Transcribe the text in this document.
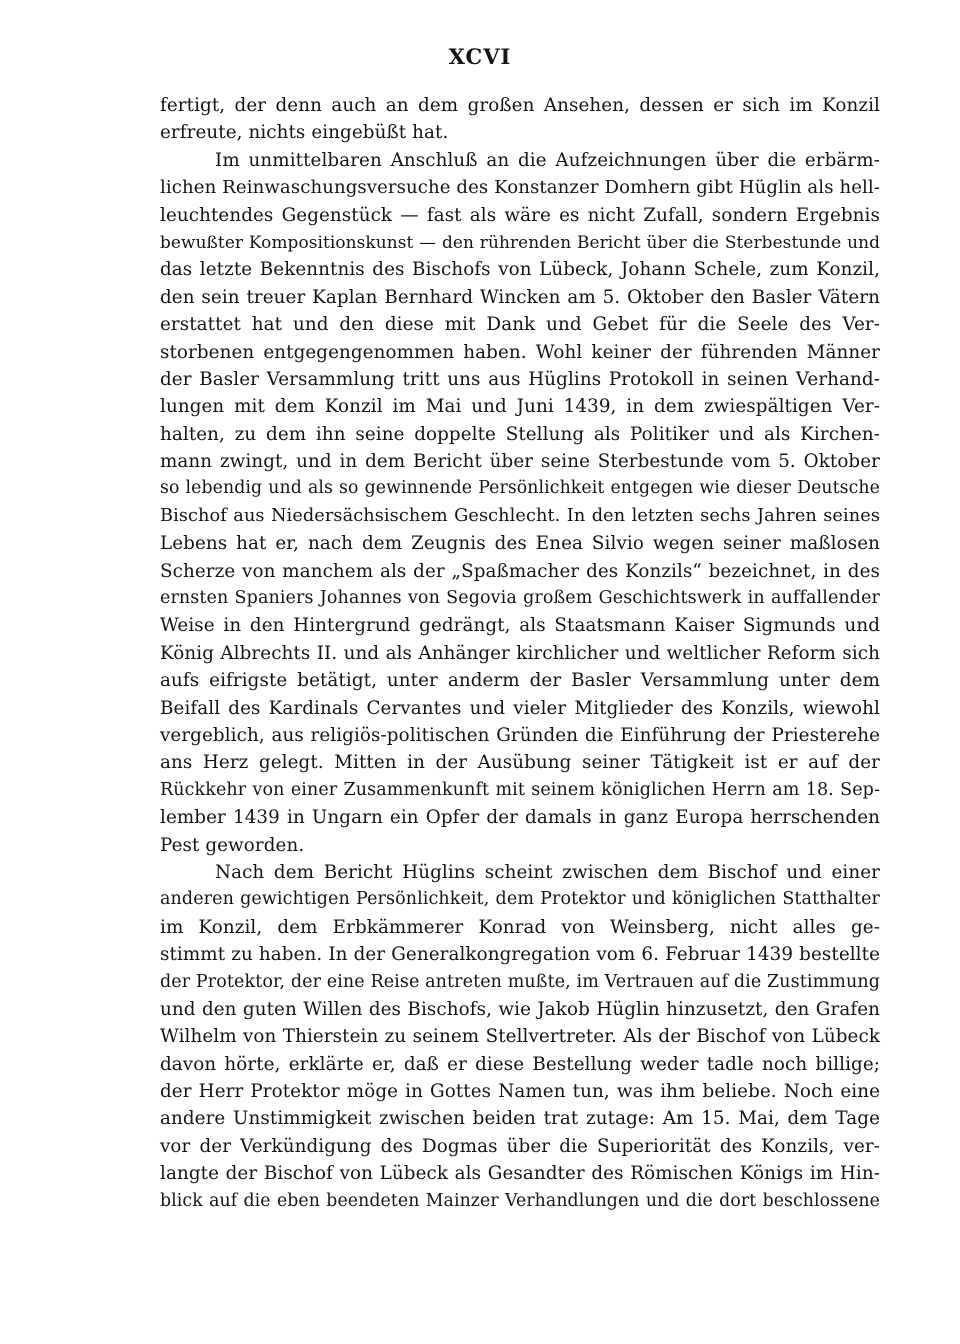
XCVI
fertigt, der denn auch an dem großen Ansehen, dessen er sich im Konzil
erfreute, nichts eingebüßt hat.
Im unmittelbaren Anschluß an die Aufzeichnungen über die erbärm-
lichen Reinwaschungsversuche des Konstanzer Domhern gibt Hüglin als hell-
leuchtendes Gegenstück — fast als wäre es nicht Zufall, sondern Ergebnis
bewußter Kompositionskunst — den rührenden Bericht über die Sterbestunde und
das letzte Bekenntnis des Bischofs von Lübeck, Johann Schele, zum Konzil,
den sein treuer Kaplan Bernhard Wincken am 5. Oktober den Basler Vätern
erstattet hat und den diese mit Dank und Gebet für die Seele des Ver-
storbenen entgegengenommen haben. Wohl keiner der führenden Männer
der Basler Versammlung tritt uns aus Hüglins Protokoll in seinen Verhand-
lungen mit dem Konzil im Mai und Juni 1439, in dem zwiespältigen Ver-
halten, zu dem ihn seine doppelte Stellung als Politiker und als Kirchen-
mann zwingt, und in dem Bericht über seine Sterbestunde vom 5. Oktober
so lebendig und als so gewinnende Persönlichkeit entgegen wie dieser Deutsche
Bischof aus Niedersächsischem Geschlecht. In den letzten sechs Jahren seines
Lebens hat er, nach dem Zeugnis des Enea Silvio wegen seiner maßlosen
Scherze von manchem als der „Spaßmacher des Konzils“ bezeichnet, in des
ernsten Spaniers Johannes von Segovia großem Geschichtswerk in auffallender
Weise in den Hintergrund gedrängt, als Staatsmann Kaiser Sigmunds und
König Albrechts II. und als Anhänger kirchlicher und weltlicher Reform sich
aufs eifrigste betätigt, unter anderm der Basler Versammlung unter dem
Beifall des Kardinals Cervantes und vieler Mitglieder des Konzils, wiewohl
vergeblich, aus religiös-politischen Gründen die Einführung der Priesterehe
ans Herz gelegt. Mitten in der Ausübung seiner Tätigkeit ist er auf der
Rückkehr von einer Zusammenkunft mit seinem königlichen Herrn am 18. Sep-
lember 1439 in Ungarn ein Opfer der damals in ganz Europa herrschenden
Pest geworden.
Nach dem Bericht Hüglins scheint zwischen dem Bischof und einer
anderen gewichtigen Persönlichkeit, dem Protektor und königlichen Statthalter
im Konzil, dem Erbkämmerer Konrad von Weinsberg, nicht alles ge-
stimmt zu haben. In der Generalkongregation vom 6. Februar 1439 bestellte
der Protektor, der eine Reise antreten mußte, im Vertrauen auf die Zustimmung
und den guten Willen des Bischofs, wie Jakob Hüglin hinzusetzt, den Grafen
Wilhelm von Thierstein zu seinem Stellvertreter. Als der Bischof von Lübeck
davon hörte, erklärte er, daß er diese Bestellung weder tadle noch billige;
der Herr Protektor möge in Gottes Namen tun, was ihm beliebe. Noch eine
andere Unstimmigkeit zwischen beiden trat zutage: Am 15. Mai, dem Tage
vor der Verkündigung des Dogmas über die Superiorität des Konzils, ver-
langte der Bischof von Lübeck als Gesandter des Römischen Königs im Hin-
blick auf die eben beendeten Mainzer Verhandlungen und die dort beschlossene
